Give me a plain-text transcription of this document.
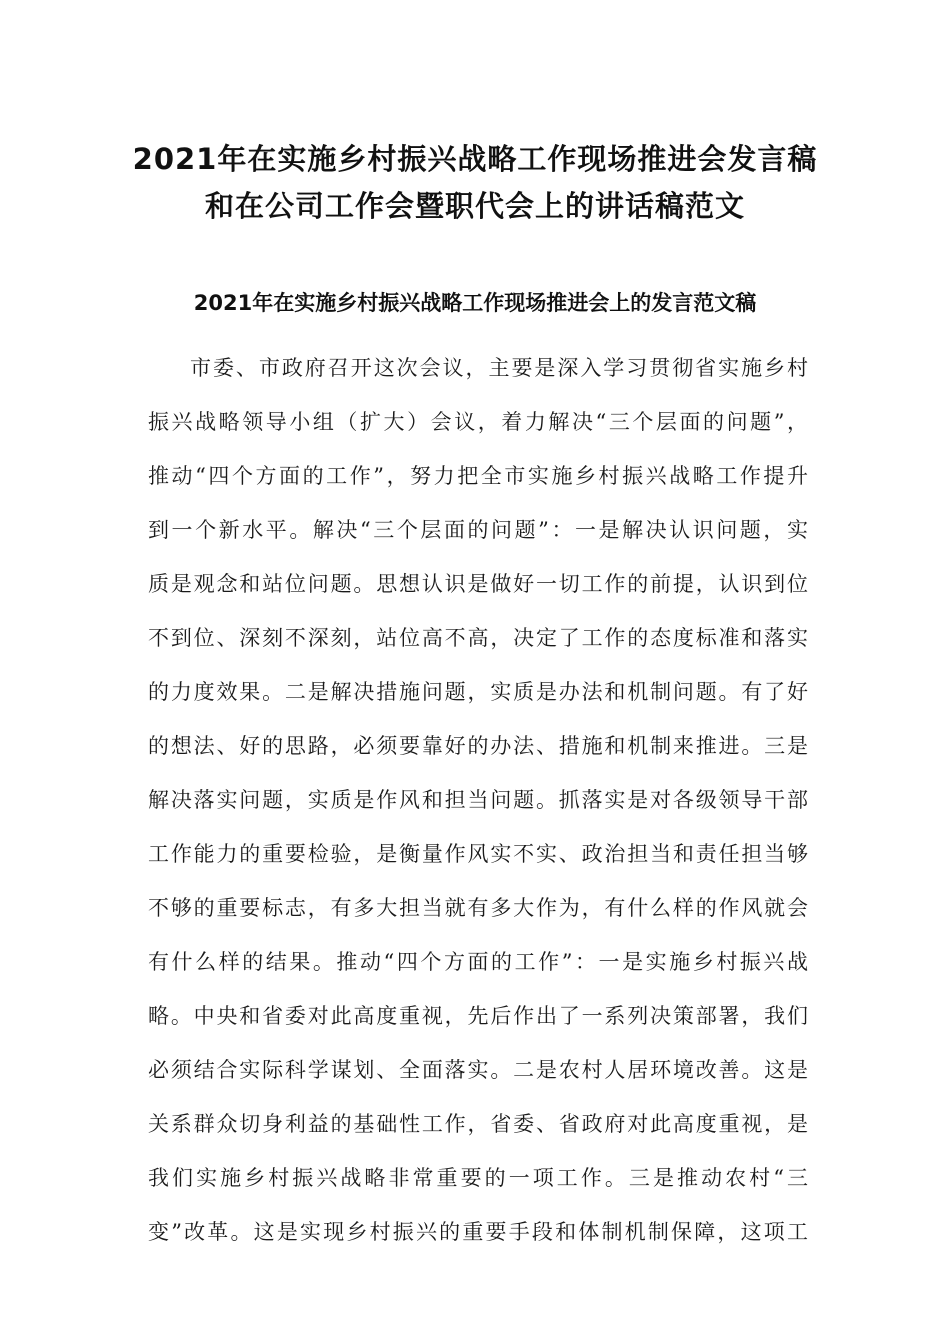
2021年在实施乡村振兴战略工作现场推进会发言稿
和在公司工作会暨职代会上的讲话稿范文
2021年在实施乡村振兴战略工作现场推进会上的发言范文稿
市委、市政府召开这次会议，主要是深入学习贯彻省实施乡村
振兴战略领导小组（扩大）会议，着力解决“三个层面的问题”，
推动“四个方面的工作”，努力把全市实施乡村振兴战略工作提升
到一个新水平。解决“三个层面的问题”：一是解决认识问题，实
质是观念和站位问题。思想认识是做好一切工作的前提，认识到位
不到位、深刻不深刻，站位高不高，决定了工作的态度标准和落实
的力度效果。二是解决措施问题，实质是办法和机制问题。有了好
的想法、好的思路，必须要靠好的办法、措施和机制来推进。三是
解决落实问题，实质是作风和担当问题。抓落实是对各级领导干部
工作能力的重要检验，是衡量作风实不实、政治担当和责任担当够
不够的重要标志，有多大担当就有多大作为，有什么样的作风就会
有什么样的结果。推动“四个方面的工作”：一是实施乡村振兴战
略。中央和省委对此高度重视，先后作出了一系列决策部署，我们
必须结合实际科学谋划、全面落实。二是农村人居环境改善。这是
关系群众切身利益的基础性工作，省委、省政府对此高度重视，是
我们实施乡村振兴战略非常重要的一项工作。三是推动农村“三
变”改革。这是实现乡村振兴的重要手段和体制机制保障，这项工
